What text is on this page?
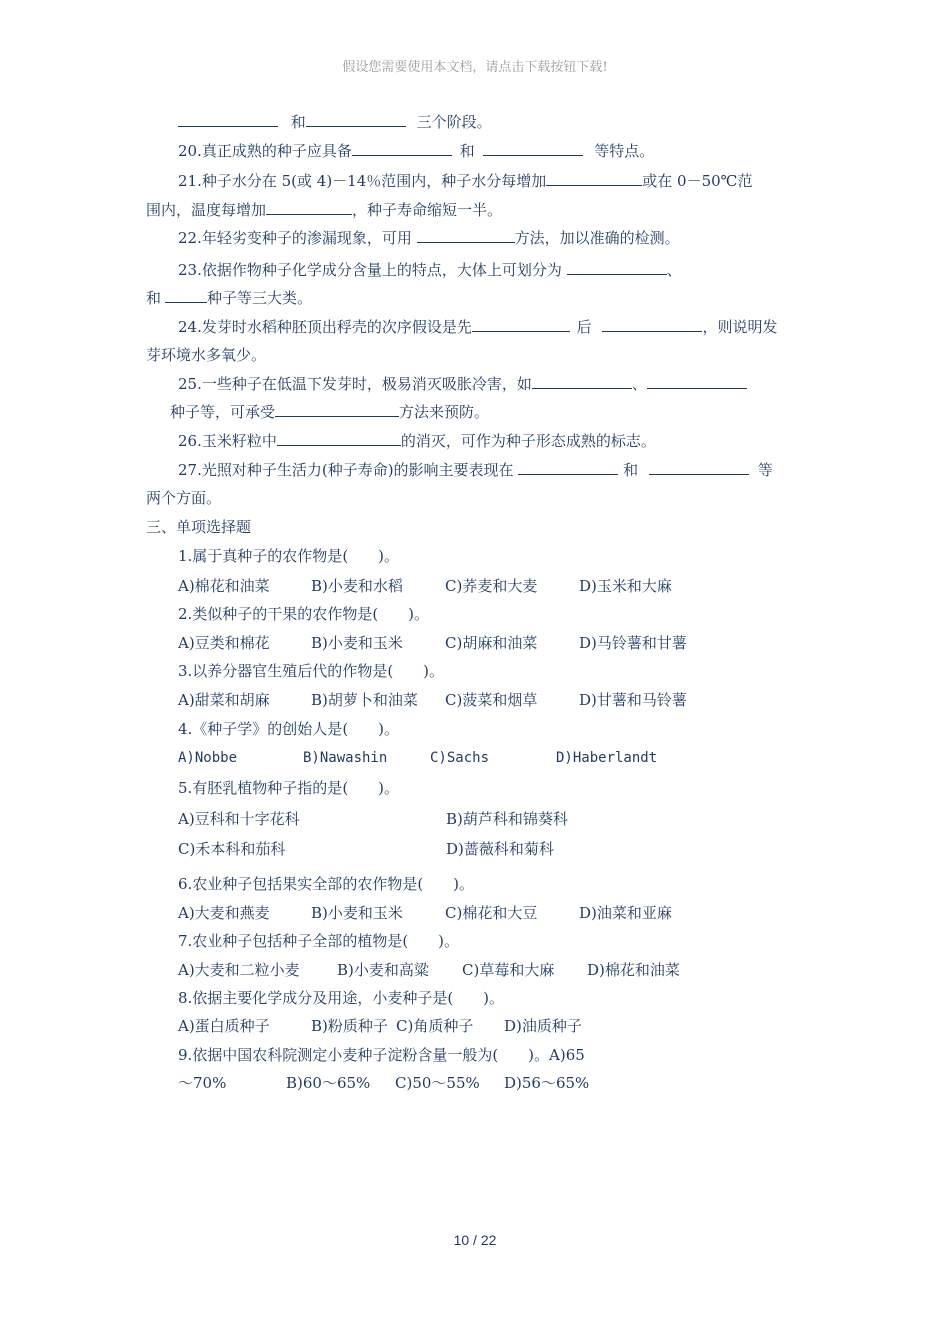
假设您需要使用本文档，请点击下载按钮下载!
和	三个阶段。
20.真正成熟的种子应具备	和	等特点。
21.种子水分在 5(或 4)－14％范围内，种子水分每增加	或在 0－50℃范
围内，温度每增加	，种子寿命缩短一半。
22.年轻劣变种子的渗漏现象，可用	方法，加以准确的检测。
23.依据作物种子化学成分含量上的特点，大体上可划分为	、
和	种子等三大类。
24.发芽时水稻种胚顶出稃壳的次序假设是先	后	，则说明发
芽环境水多氧少。
25.一些种子在低温下发芽时，极易消灭吸胀冷害，如	、
种子等，可承受	方法来预防。
26.玉米籽粒中	的消灭，可作为种子形态成熟的标志。
27.光照对种子生活力(种子寿命)的影响主要表现在	和	等
两个方面。
三、单项选择题
1.属于真种子的农作物是(　　)。
A)棉花和油菜	B)小麦和水稻	C)荞麦和大麦	D)玉米和大麻
2.类似种子的干果的农作物是(　　)。
A)豆类和棉花	B)小麦和玉米	C)胡麻和油菜	D)马铃薯和甘薯
3.以养分器官生殖后代的作物是(　　)。
A)甜菜和胡麻	B)胡萝卜和油菜 C)菠菜和烟草	D)甘薯和马铃薯
4.《种子学》的创始人是(　　)。
A)Nobbe	B)Nawashin	C)Sachs	D)Haberlandt
5.有胚乳植物种子指的是(　　)。
A)豆科和十字花科	B)葫芦科和锦葵科
C)禾本科和茄科	D)蔷薇科和菊科
6.农业种子包括果实全部的农作物是(　　)。
A)大麦和燕麦	B)小麦和玉米	C)棉花和大豆	D)油菜和亚麻
7.农业种子包括种子全部的植物是(　　)。
A)大麦和二粒小麦 B)小麦和高粱 C)草莓和大麻 D)棉花和油菜
8.依据主要化学成分及用途，小麦种子是(　　)。
A)蛋白质种子	B)粉质种子 C)角质种子 D)油质种子
9.依据中国农科院测定小麦种子淀粉含量一般为(　　)。A)65
～70%	B)60～65% C)50～55% D)56～65%
10 / 22
